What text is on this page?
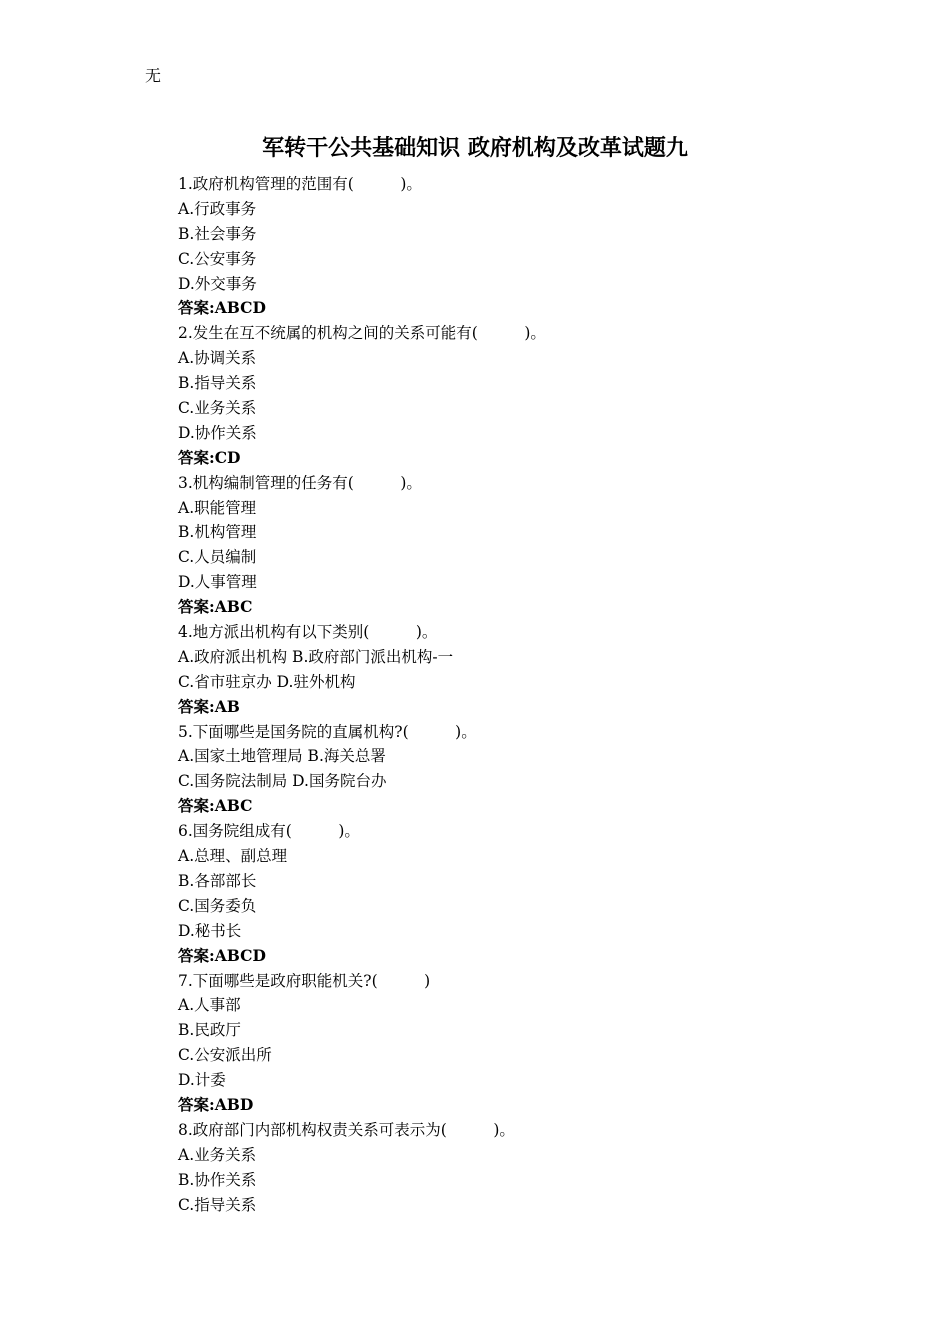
无
军转干公共基础知识 政府机构及改革试题九
1.政府机构管理的范围有(　　　)。
A.行政事务
B.社会事务
C.公安事务
D.外交事务
答案:ABCD
2.发生在互不统属的机构之间的关系可能有(　　　)。
A.协调关系
B.指导关系
C.业务关系
D.协作关系
答案:CD
3.机构编制管理的任务有(　　　)。
A.职能管理
B.机构管理
C.人员编制
D.人事管理
答案:ABC
4.地方派出机构有以下类别(　　　)。
A.政府派出机构 B.政府部门派出机构-一
C.省市驻京办 D.驻外机构
答案:AB
5.下面哪些是国务院的直属机构?(　　　)。
A.国家土地管理局 B.海关总署
C.国务院法制局 D.国务院台办
答案:ABC
6.国务院组成有(　　　)。
A.总理、副总理
B.各部部长
C.国务委负
D.秘书长
答案:ABCD
7.下面哪些是政府职能机关?(　　　)
A.人事部
B.民政厅
C.公安派出所
D.计委
答案:ABD
8.政府部门内部机构权责关系可表示为(　　　)。
A.业务关系
B.协作关系
C.指导关系
